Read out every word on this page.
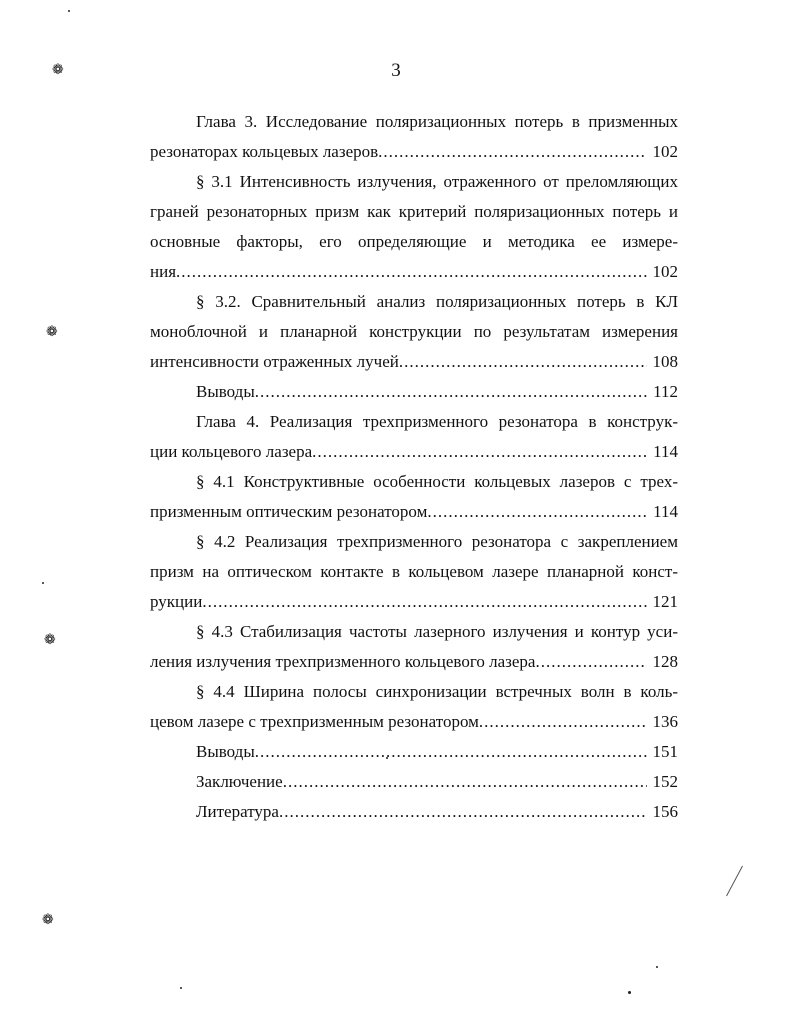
3
Глава 3. Исследование поляризационных потерь в призменных
резонаторах кольцевых лазеров .....	102
§ 3.1 Интенсивность излучения, отраженного от преломляющих
граней резонаторных призм как критерий поляризационных потерь и
основные факторы, его определяющие и методика ее измере-
ния .....	102
§ 3.2. Сравнительный анализ поляризационных потерь в КЛ
моноблочной и планарной конструкции по результатам измерения
интенсивности отраженных лучей .....	108
Выводы .....	112
Глава 4. Реализация трехпризменного резонатора в конструк-
ции кольцевого лазера .....	114
§ 4.1 Конструктивные особенности кольцевых лазеров с трех-
призменным оптическим резонатором .....	114
§ 4.2 Реализация трехпризменного резонатора с закреплением
призм на оптическом контакте в кольцевом лазере планарной конст-
рукции .....	121
§ 4.3 Стабилизация частоты лазерного излучения и контур уси-
ления излучения трехпризменного кольцевого лазера .....	128
§ 4.4 Ширина полосы синхронизации встречных волн в коль-
цевом лазере с трехпризменным резонатором .....	136
Выводы .....	151
Заключение .....	152
Литература .....	156
❁
❁
❁
❁
